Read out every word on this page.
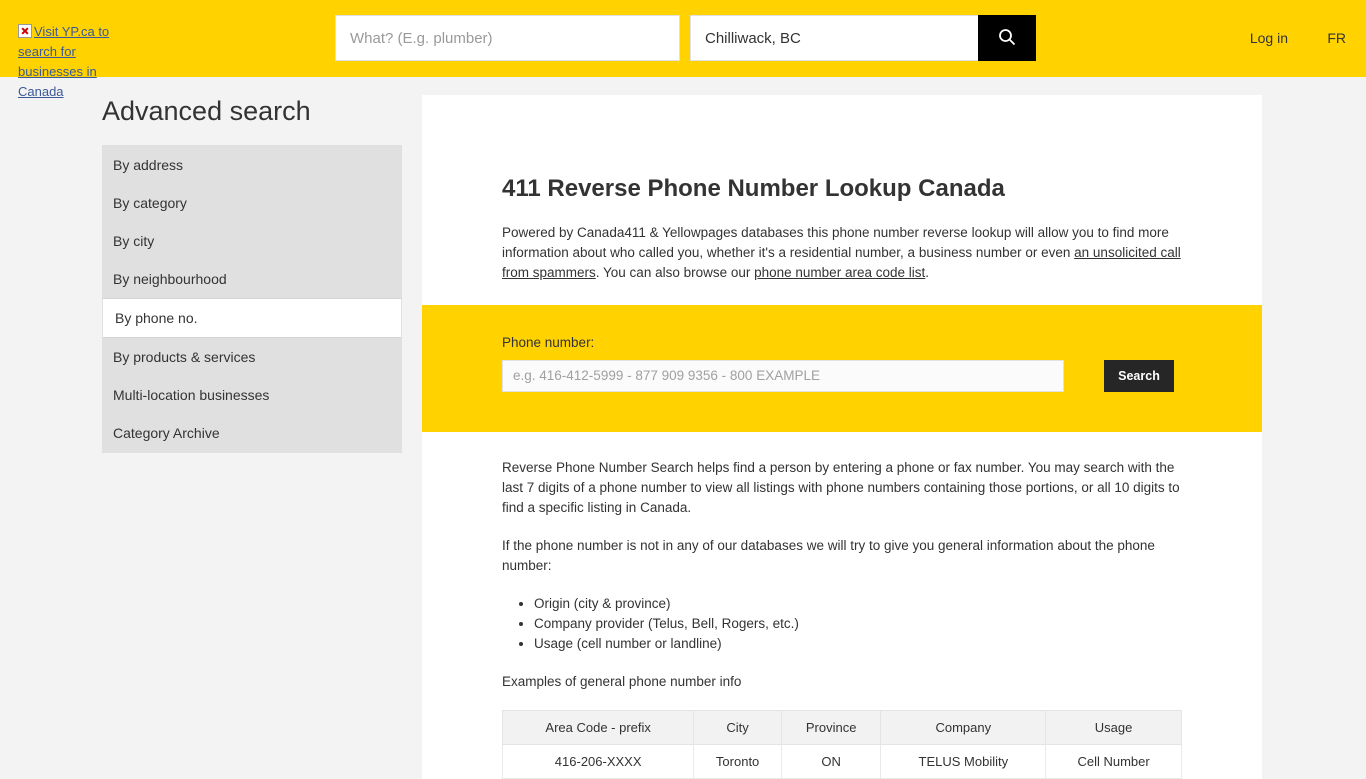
Visit YP.ca to search for businesses in Canada
What? (E.g. plumber)
Chilliwack, BC
Log in	FR
Advanced search
By address
By category
By city
By neighbourhood
By phone no.
By products & services
Multi-location businesses
Category Archive
411 Reverse Phone Number Lookup Canada

Powered by Canada411 & Yellowpages databases this phone number reverse lookup will allow you to find more information about who called you, whether it's a residential number, a business number or even an unsolicited call from spammers. You can also browse our phone number area code list.

Phone number:
e.g. 416-412-5999 - 877 909 9356 - 800 EXAMPLE
Search

Reverse Phone Number Search helps find a person by entering a phone or fax number. You may search with the last 7 digits of a phone number to view all listings with phone numbers containing those portions, or all 10 digits to find a specific listing in Canada.

If the phone number is not in any of our databases we will try to give you general information about the phone number:

• Origin (city & province)
• Company provider (Telus, Bell, Rogers, etc.)
• Usage (cell number or landline)

Examples of general phone number info

Area Code - prefix	City	Province	Company	Usage
416-206-XXXX	Toronto	ON	TELUS Mobility	Cell Number
